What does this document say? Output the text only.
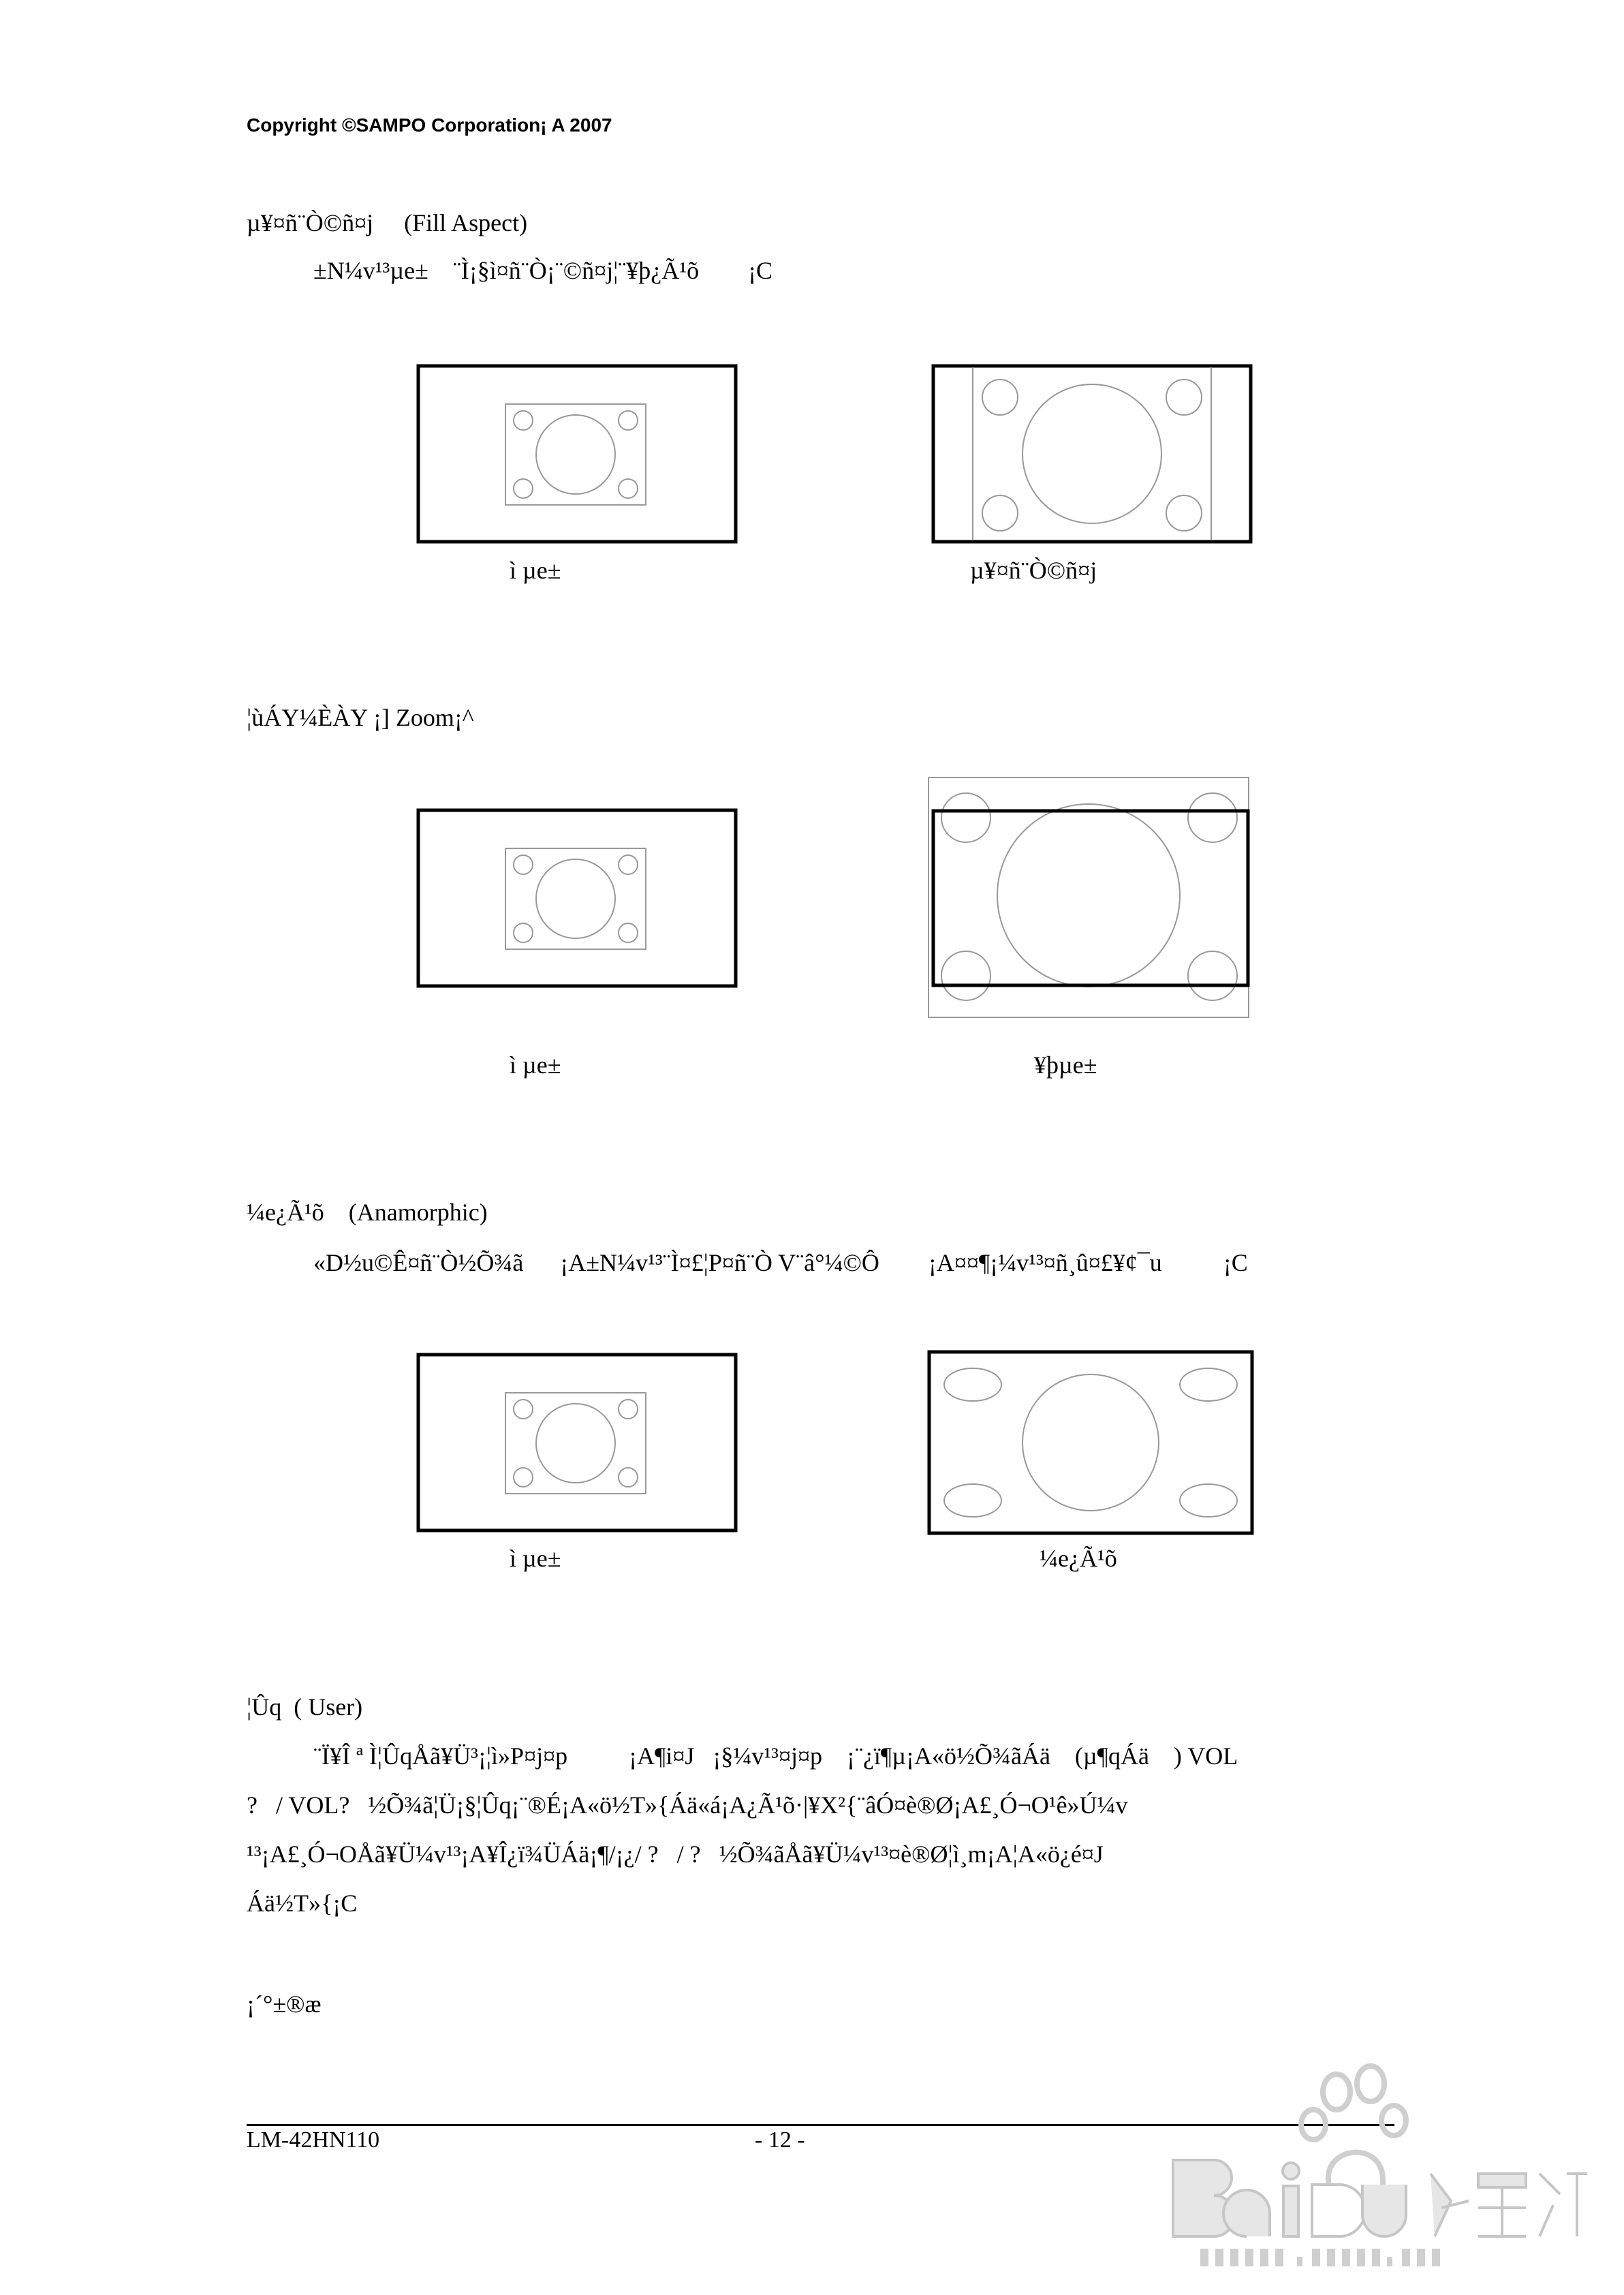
Copyright ©SAMPO Corporation¡ A 2007
µ¥¤ñ¨Ò©ñ¤j     (Fill Aspect)
±N¼v¹³µe±    ¨Ì¡§ì¤ñ¨Ò¡¨©ñ¤j¦¨¥þ¿Ã¹õ        ¡C
ì µe±	µ¥¤ñ¨Ò©ñ¤j
¦ùÁY¼ÈÀY ¡] Zoom¡^
ì µe±	¥þµe±
¼e¿Ã¹õ    (Anamorphic)
«D½u©Ê¤ñ¨Ò½Õ¾ã      ¡A±N¼v¹³¨Ì¤£¦P¤ñ¨Ò V¨â°¼©Ô        ¡A¤¤¶¡¼v¹³¤ñ¸û¤£¥¢¯u          ¡C
ì µe±	¼e¿Ã¹õ
¦Ûq  ( User)
¨Ï¥Î ª Ì¦ÛqÅã¥Ü³¡¦ì»P¤j¤p          ¡A¶i¤J   ¡§¼v¹³¤j¤p    ¡¨¿ï¶µ¡A«ö½Õ¾ãÁä    (µ¶qÁä    ) VOL
?   / VOL?   ½Õ¾ã¦Ü¡§¦Ûq¡¨®É¡A«ö½T»{Áä«á¡A¿Ã¹õ·|¥X²{¨âÓ¤è®Ø¡A£¸Ó¬O¹ê»Ú¼v
¹³¡A£¸Ó¬OÅã¥Ü¼v¹³¡A¥Î¿ï¾ÜÁä¡¶/¡¿/ ?   / ?   ½Õ¾ãÅã¥Ü¼v¹³¤è®Ø¦ì¸m¡A¦A«ö¿é¤J
Áä½T»{¡C
¡´°±®æ
LM-42HN110	- 12 -
